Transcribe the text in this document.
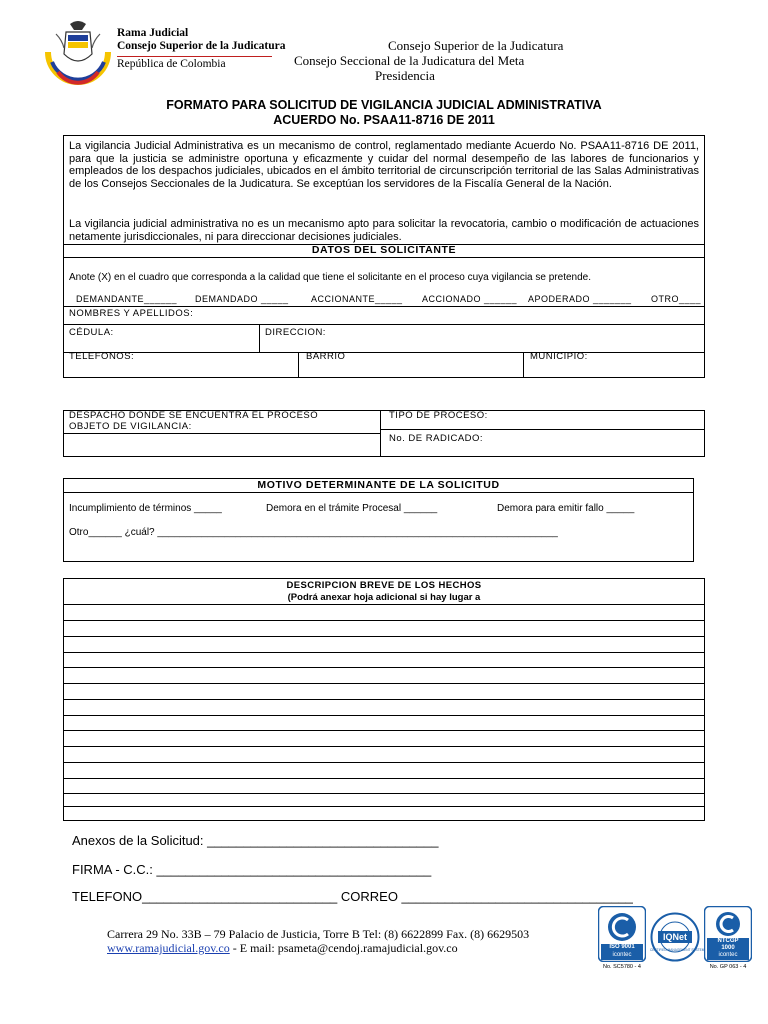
Rama Judicial
Consejo Superior de la Judicatura
República de Colombia
Consejo Superior de la Judicatura
Consejo Seccional de la Judicatura del Meta
Presidencia
FORMATO PARA SOLICITUD DE VIGILANCIA JUDICIAL ADMINISTRATIVA
ACUERDO No. PSAA11-8716 DE 2011
La vigilancia Judicial Administrativa es un mecanismo de control, reglamentado mediante Acuerdo No. PSAA11-8716 DE 2011, para que la justicia se administre oportuna y eficazmente y cuidar del normal desempeño de las labores de funcionarios y empleados de los despachos judiciales, ubicados en el ámbito territorial de circunscripción territorial de las Salas Administrativas de los Consejos Seccionales de la Judicatura. Se exceptúan los servidores de la Fiscalía General de la Nación.
La vigilancia judicial administrativa no es un mecanismo apto para solicitar la revocatoria, cambio o modificación de actuaciones netamente jurisdiccionales, ni para direccionar decisiones judiciales.
DATOS DEL SOLICITANTE
Anote (X) en el cuadro que corresponda a la calidad que tiene el solicitante en el proceso cuya vigilancia se pretende.
DEMANDANTE______ DEMANDADO _____ ACCIONANTE_____ ACCIONADO ______ APODERADO _______ OTRO____
NOMBRES Y APELLIDOS:
CÉDULA:	DIRECCION:
TELEFONOS:	BARRIO	MUNICIPIO:
DESPACHO DONDE SE ENCUENTRA EL PROCESO
OBJETO DE VIGILANCIA:
TIPO DE PROCESO:
No. DE RADICADO:
MOTIVO DETERMINANTE DE LA SOLICITUD
Incumplimiento de términos _____	Demora en el trámite Procesal ______	Demora para emitir fallo _____
Otro______ ¿cuál? ________________________________________________________________________
DESCRIPCION BREVE DE LOS HECHOS
(Podrá anexar hoja adicional si hay lugar a
Anexos de la Solicitud: ________________________________
FIRMA - C.C.: ______________________________________
TELEFONO___________________________ CORREO ________________________________
Carrera 29 No. 33B – 79 Palacio de Justicia, Torre B Tel: (8) 6622899 Fax. (8) 6629503
www.ramajudicial.gov.co - E mail: psameta@cendoj.ramajudicial.gov.co	ISO 9001
icontec
No. SC5780 - 4
IQNet
CERTIFIED MANAGEMENT SYSTEM
NTCGP
1000
icontec
No. GP 063 - 4
